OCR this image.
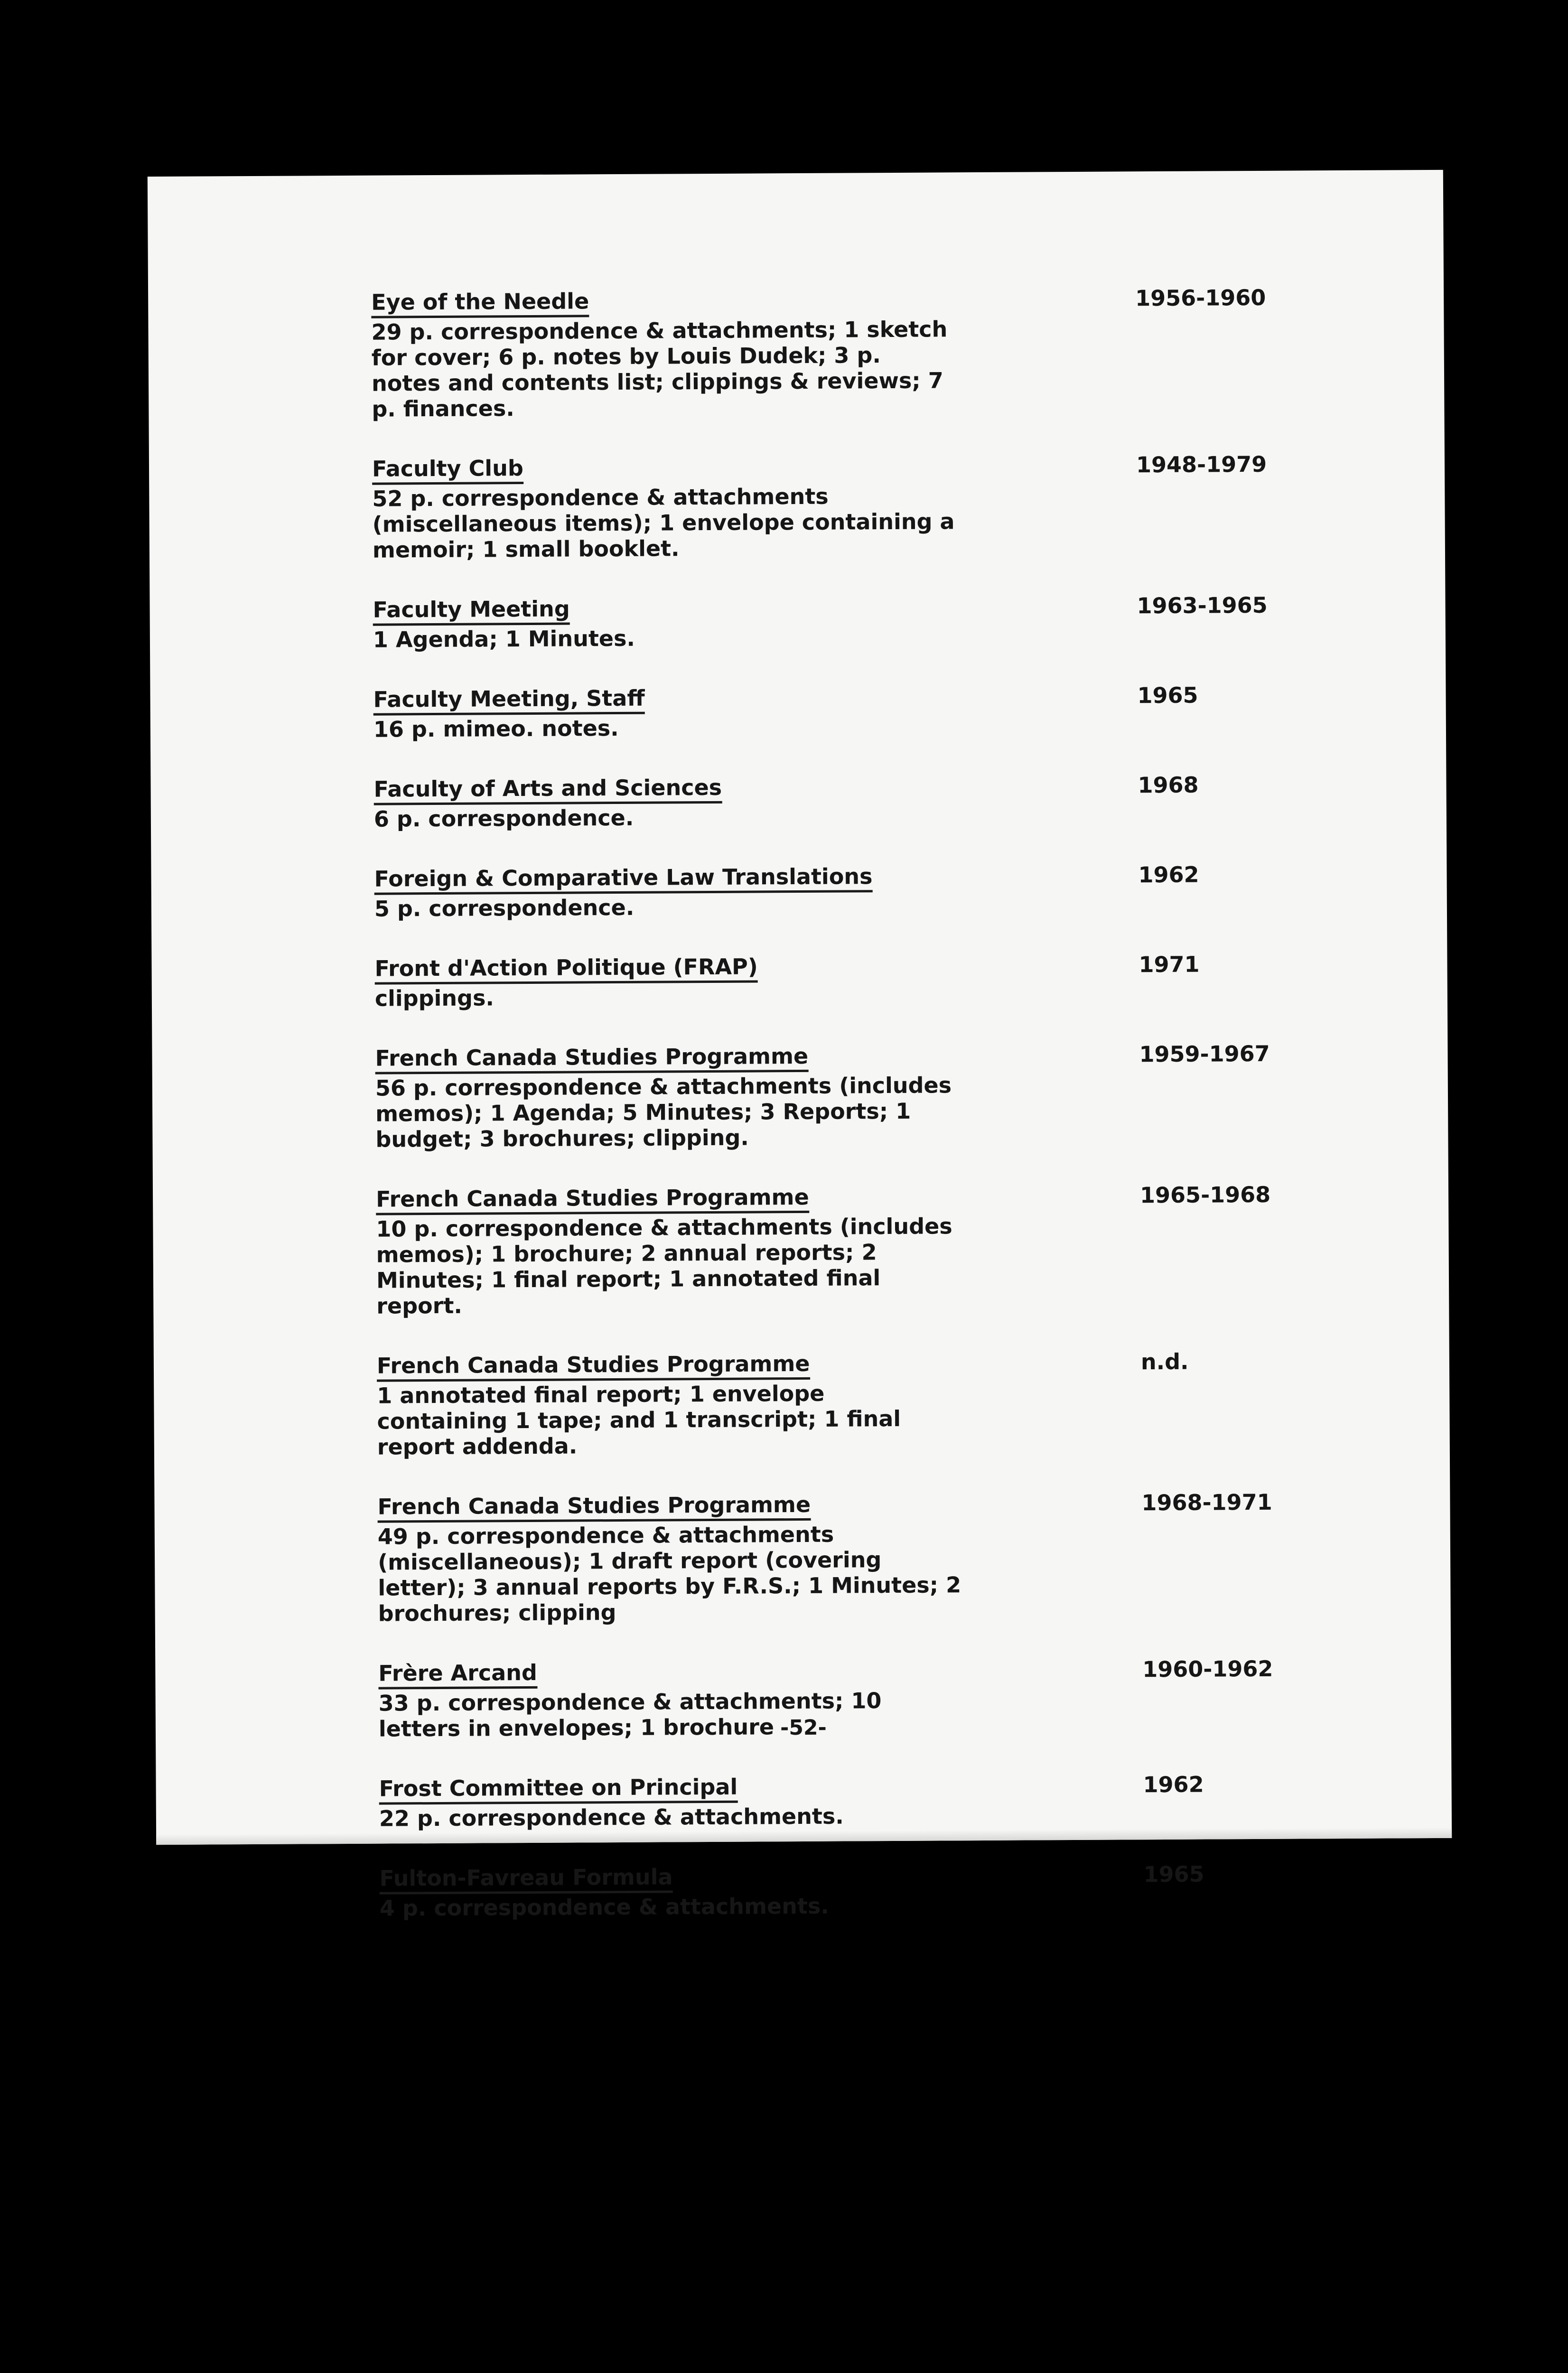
Eye of the Needle
29 p. correspondence & attachments; 1 sketch for cover; 6 p. notes by Louis Dudek; 3 p. notes and contents list; clippings & reviews; 7 p. finances.
1956-1960
Faculty Club
52 p. correspondence & attachments (miscellaneous items); 1 envelope containing a memoir; 1 small booklet.
1948-1979
Faculty Meeting
1 Agenda; 1 Minutes.
1963-1965
Faculty Meeting, Staff
16 p. mimeo. notes.
1965
Faculty of Arts and Sciences
6 p. correspondence.
1968
Foreign & Comparative Law Translations
5 p. correspondence.
1962
Front d'Action Politique (FRAP)
clippings.
1971
French Canada Studies Programme
56 p. correspondence & attachments (includes memos); 1 Agenda; 5 Minutes; 3 Reports; 1 budget; 3 brochures; clipping.
1959-1967
French Canada Studies Programme
10 p. correspondence & attachments (includes memos); 1 brochure; 2 annual reports; 2 Minutes; 1 final report; 1 annotated final report.
1965-1968
French Canada Studies Programme
1 annotated final report; 1 envelope containing 1 tape; and 1 transcript; 1 final report addenda.
n.d.
French Canada Studies Programme
49 p. correspondence & attachments (miscellaneous); 1 draft report (covering letter); 3 annual reports by F.R.S.; 1 Minutes; 2 brochures; clipping
1968-1971
Frère Arcand
33 p. correspondence & attachments; 10 letters in envelopes; 1 brochure
1960-1962
Frost Committee on Principal
22 p. correspondence & attachments.
1962
Fulton-Favreau Formula
4 p. correspondence & attachments.
1965
-52-
